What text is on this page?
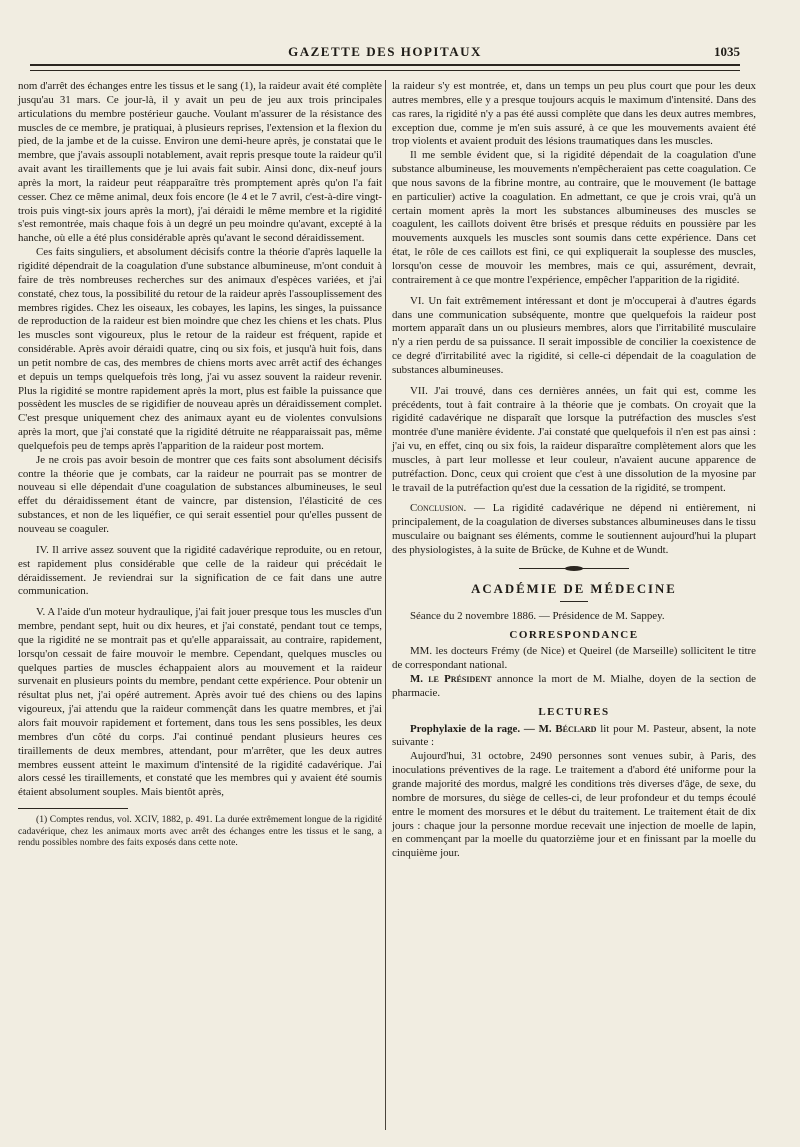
GAZETTE DES HOPITAUX	1035

nom d'arrêt des échanges entre les tissus et le sang (1), la raideur avait été complète jusqu'au 31 mars. Ce jour-là, il y avait un peu de jeu aux trois principales articulations du membre postérieur gauche. Voulant m'assurer de la résistance des muscles de ce membre, je pratiquai, à plusieurs reprises, l'extension et la flexion du pied, de la jambe et de la cuisse. Environ une demi-heure après, je constatai que le membre, que j'avais assoupli notablement, avait repris presque toute la raideur qu'il avait avant les tiraillements que je lui avais fait subir. Ainsi donc, dix-neuf jours après la mort, la raideur peut réapparaître très promptement après qu'on l'a fait cesser. Chez ce même animal, deux fois encore (le 4 et le 7 avril, c'est-à-dire vingt-trois puis vingt-six jours après la mort), j'ai déraidi le même membre et la rigidité s'est remontrée, mais chaque fois à un degré un peu moindre qu'avant, excepté à la hanche, où elle a été plus considérable après qu'avant le second déraidissement.

Ces faits singuliers, et absolument décisifs contre la théorie d'après laquelle la rigidité dépendrait de la coagulation d'une substance albumineuse, m'ont conduit à faire de très nombreuses recherches sur des animaux d'espèces variées, et j'ai constaté, chez tous, la possibilité du retour de la raideur après l'assouplissement des membres rigides. Chez les oiseaux, les cobayes, les lapins, les singes, la puissance de reproduction de la raideur est bien moindre que chez les chiens et les chats. Plus les muscles sont vigoureux, plus le retour de la raideur est fréquent, rapide et considérable. Après avoir déraidi quatre, cinq ou six fois, et jusqu'à huit fois, dans un petit nombre de cas, des membres de chiens morts avec arrêt actif des échanges et depuis un temps quelquefois très long, j'ai vu assez souvent la raideur revenir. Plus la rigidité se montre rapidement après la mort, plus est faible la puissance que possèdent les muscles de se rigidifier de nouveau après un déraidissement complet. C'est presque uniquement chez des animaux ayant eu de violentes convulsions après la mort, que j'ai constaté que la rigidité détruite ne réapparaissait pas, même quelquefois peu de temps après l'apparition de la raideur post mortem.

Je ne crois pas avoir besoin de montrer que ces faits sont absolument décisifs contre la théorie que je combats, car la raideur ne pourrait pas se montrer de nouveau si elle dépendait d'une coagulation de substances albumineuses, le seul effet du déraidissement étant de vaincre, par distension, l'élasticité de ces substances, et non de les liquéfier, ce qui serait essentiel pour qu'elles pussent de nouveau se coaguler.

IV. Il arrive assez souvent que la rigidité cadavérique reproduite, ou en retour, est rapidement plus considérable que celle de la raideur qui précédait le déraidissement. Je reviendrai sur la signification de ce fait dans une autre communication.

V. A l'aide d'un moteur hydraulique, j'ai fait jouer presque tous les muscles d'un membre, pendant sept, huit ou dix heures, et j'ai constaté, pendant tout ce temps, que la rigidité ne se montrait pas et qu'elle apparaissait, au contraire, rapidement, lorsqu'on cessait de faire mouvoir le membre. Cependant, quelques muscles ou quelques parties de muscles échappaient alors au mouvement et la raideur survenait en plusieurs points du membre, pendant cette expérience. Pour obtenir un résultat plus net, j'ai opéré autrement. Après avoir tué des chiens ou des lapins vigoureux, j'ai attendu que la raideur commençât dans les quatre membres, et j'ai alors fait mouvoir rapidement et fortement, dans tous les sens possibles, les deux membres d'un côté du corps. J'ai continué pendant plusieurs heures ces tiraillements de deux membres, attendant, pour m'arrêter, que les deux autres membres eussent atteint le maximum d'intensité de la rigidité cadavérique. J'ai alors cessé les tiraillements, et constaté que les membres qui y avaient été soumis étaient absolument souples. Mais bientôt après,

(1) Comptes rendus, vol. XCIV, 1882, p. 491. La durée extrêmement longue de la rigidité cadavérique, chez les animaux morts avec arrêt des échanges entre les tissus et le sang, a rendu possibles nombre des faits exposés dans cette note.

la raideur s'y est montrée, et, dans un temps un peu plus court que pour les deux autres membres, elle y a presque toujours acquis le maximum d'intensité. Dans des cas rares, la rigidité n'y a pas été aussi complète que dans les deux autres membres, exception due, comme je m'en suis assuré, à ce que les mouvements avaient été trop violents et avaient produit des lésions traumatiques dans les muscles.

Il me semble évident que, si la rigidité dépendait de la coagulation d'une substance albumineuse, les mouvements n'empêcheraient pas cette coagulation. Ce que nous savons de la fibrine montre, au contraire, que le mouvement (le battage en particulier) active la coagulation. En admettant, ce que je crois vrai, qu'à un certain moment après la mort les substances albumineuses des muscles se coagulent, les caillots doivent être brisés et presque réduits en poussière par les mouvements auxquels les muscles sont soumis dans cette expérience. Dans cet état, le rôle de ces caillots est fini, ce qui expliquerait la souplesse des muscles, lorsqu'on cesse de mouvoir les membres, mais ce qui, assurément, devrait, contrairement à ce que montre l'expérience, empêcher l'apparition de la rigidité.

VI. Un fait extrêmement intéressant et dont je m'occuperai à d'autres égards dans une communication subséquente, montre que quelquefois la raideur post mortem apparaît dans un ou plusieurs membres, alors que l'irritabilité musculaire n'y a rien perdu de sa puissance. Il serait impossible de concilier la coexistence de ce degré d'irritabilité avec la rigidité, si celle-ci dépendait de la coagulation de substances albumineuses.

VII. J'ai trouvé, dans ces dernières années, un fait qui est, comme les précédents, tout à fait contraire à la théorie que je combats. On croyait que la rigidité cadavérique ne disparaît que lorsque la putréfaction des muscles s'est montrée d'une manière évidente. J'ai constaté que quelquefois il n'en est pas ainsi : j'ai vu, en effet, cinq ou six fois, la raideur disparaître complètement alors que les muscles, à part leur mollesse et leur couleur, n'avaient aucune apparence de putréfaction. Donc, ceux qui croient que c'est à une dissolution de la myosine par le travail de la putréfaction qu'est due la cessation de la rigidité, se trompent.

Conclusion. — La rigidité cadavérique ne dépend ni entièrement, ni principalement, de la coagulation de diverses substances albumineuses dans le tissu musculaire ou baignant ses éléments, comme le soutiennent aujourd'hui la plupart des physiologistes, à la suite de Brücke, de Kuhne et de Wundt.

ACADÉMIE DE MÉDECINE

Séance du 2 novembre 1886. — Présidence de M. Sappey.

CORRESPONDANCE

MM. les docteurs Frémy (de Nice) et Queirel (de Marseille) sollicitent le titre de correspondant national.

M. le Président annonce la mort de M. Mialhe, doyen de la section de pharmacie.

LECTURES

Prophylaxie de la rage. — M. Béclard lit pour M. Pasteur, absent, la note suivante :

Aujourd'hui, 31 octobre, 2490 personnes sont venues subir, à Paris, des inoculations préventives de la rage. Le traitement a d'abord été uniforme pour la grande majorité des mordus, malgré les conditions très diverses d'âge, de sexe, du nombre de morsures, du siège de celles-ci, de leur profondeur et du temps écoulé entre le moment des morsures et le début du traitement. Le traitement était de dix jours : chaque jour la personne mordue recevait une injection de moelle de lapin, en commençant par la moelle du quatorzième jour et en finissant par la moelle du cinquième jour.
